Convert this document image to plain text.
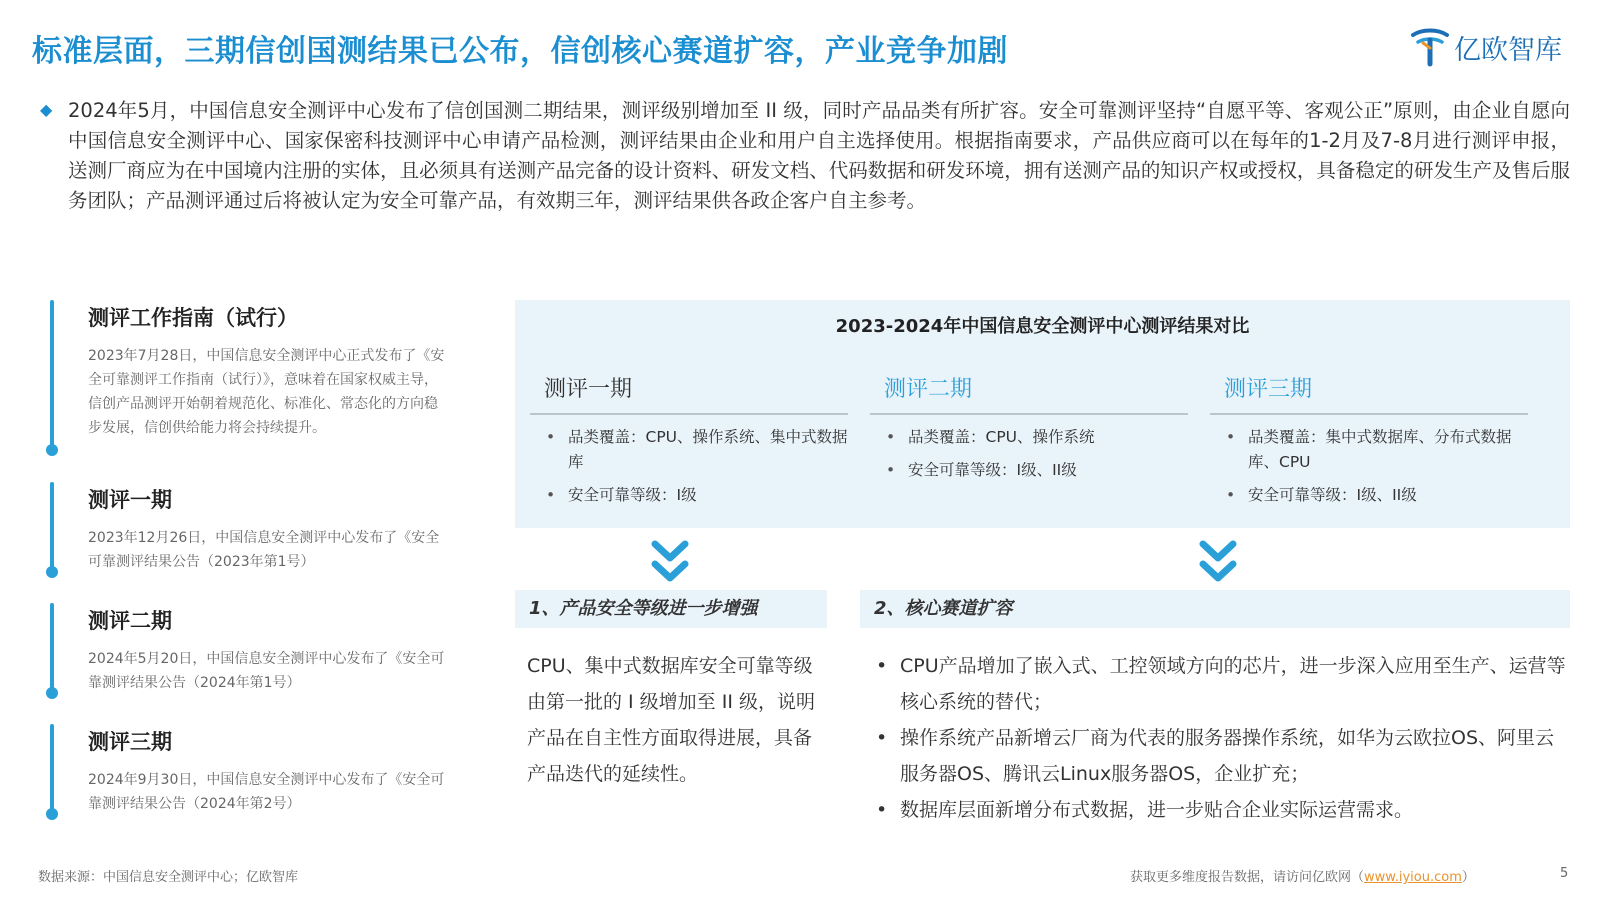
标准层面，三期信创国测结果已公布，信创核心赛道扩容，产业竞争加剧	亿欧智库
◆ 2024年5月，中国信息安全测评中心发布了信创国测二期结果，测评级别增加至 II 级，同时产品品类有所扩容。安全可靠测评坚持“自愿平等、客观公正”原则，由企业自愿向中国信息安全测评中心、国家保密科技测评中心申请产品检测，测评结果由企业和用户自主选择使用。根据指南要求，产品供应商可以在每年的1-2月及7-8月进行测评申报，送测厂商应为在中国境内注册的实体，且必须具有送测产品完备的设计资料、研发文档、代码数据和研发环境，拥有送测产品的知识产权或授权，具备稳定的研发生产及售后服务团队；产品测评通过后将被认定为安全可靠产品，有效期三年，测评结果供各政企客户自主参考。

测评工作指南（试行）
2023年7月28日，中国信息安全测评中心正式发布了《安全可靠测评工作指南（试行）》，意味着在国家权威主导，信创产品测评开始朝着规范化、标准化、常态化的方向稳步发展，信创供给能力将会持续提升。
测评一期
2023年12月26日，中国信息安全测评中心发布了《安全可靠测评结果公告（2023年第1号）
测评二期
2024年5月20日，中国信息安全测评中心发布了《安全可靠测评结果公告（2024年第1号）
测评三期
2024年9月30日，中国信息安全测评中心发布了《安全可靠测评结果公告（2024年第2号）
2023-2024年中国信息安全测评中心测评结果对比
测评一期
• 品类覆盖：CPU、操作系统、集中式数据库
• 安全可靠等级：I级
测评二期
• 品类覆盖：CPU、操作系统
• 安全可靠等级：I级、II级
测评三期
• 品类覆盖：集中式数据库、分布式数据库、CPU
• 安全可靠等级：I级、II级
1、产品安全等级进一步增强	2、核心赛道扩容
CPU、集中式数据库安全可靠等级由第一批的 I 级增加至 II 级，说明产品在自主性方面取得进展，具备产品迭代的延续性。
• CPU产品增加了嵌入式、工控领域方向的芯片，进一步深入应用至生产、运营等核心系统的替代；
• 操作系统产品新增云厂商为代表的服务器操作系统，如华为云欧拉OS、阿里云服务器OS、腾讯云Linux服务器OS，企业扩充；
• 数据库层面新增分布式数据，进一步贴合企业实际运营需求。
数据来源：中国信息安全测评中心；亿欧智库	获取更多维度报告数据，请访问亿欧网（www.iyiou.com）	5
